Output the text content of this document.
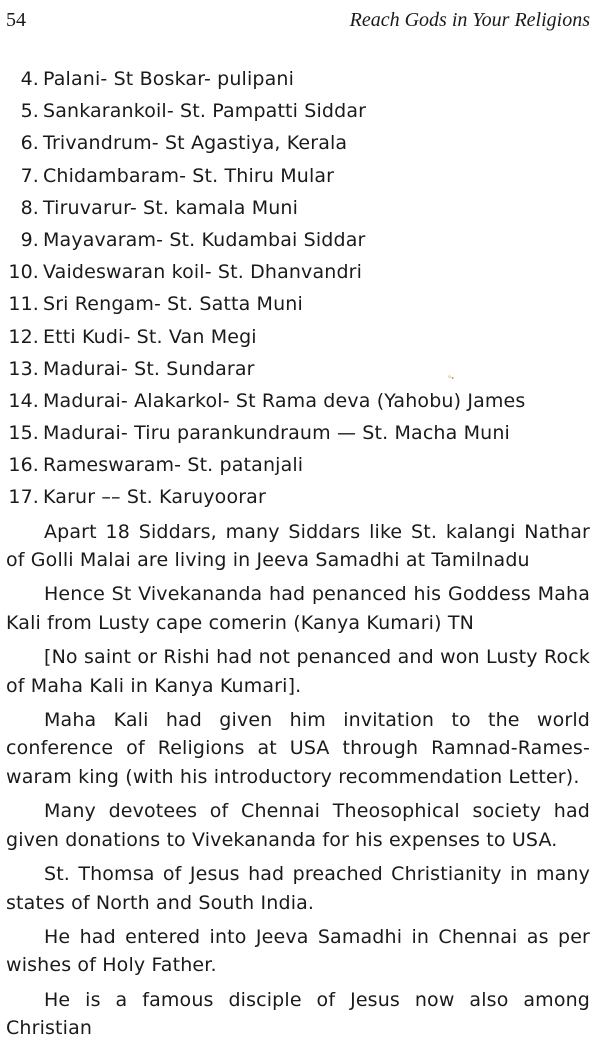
54	Reach Gods in Your Religions
4. Palani- St Boskar- pulipani
5. Sankarankoil- St. Pampatti Siddar
6. Trivandrum- St Agastiya, Kerala
7. Chidambaram- St. Thiru Mular
8. Tiruvarur- St. kamala Muni
9. Mayavaram- St. Kudambai Siddar
10. Vaideswaran koil- St. Dhanvandri
11. Sri Rengam- St. Satta Muni
12. Etti Kudi- St. Van Megi
13. Madurai- St. Sundarar
14. Madurai- Alakarkol- St Rama deva (Yahobu) James
15. Madurai- Tiru parankundraum — St. Macha Muni
16. Rameswaram- St. patanjali
17. Karur –– St. Karuyoorar

Apart 18 Siddars, many Siddars like St. kalangi Nathar of Golli Malai are living in Jeeva Samadhi at Tamilnadu

Hence St Vivekananda had penanced his Goddess Maha Kali from Lusty cape comerin (Kanya Kumari) TN

[No saint or Rishi had not penanced and won Lusty Rock of Maha Kali in Kanya Kumari].

Maha Kali had given him invitation to the world conference of Religions at USA through Ramnad-Rames-waram king (with his introductory recommendation Letter).

Many devotees of Chennai Theosophical society had given donations to Vivekananda for his expenses to USA.

St. Thomsa of Jesus had preached Christianity in many states of North and South India.

He had entered into Jeeva Samadhi in Chennai as per wishes of Holy Father.

He is a famous disciple of Jesus now also among Christian

°•
